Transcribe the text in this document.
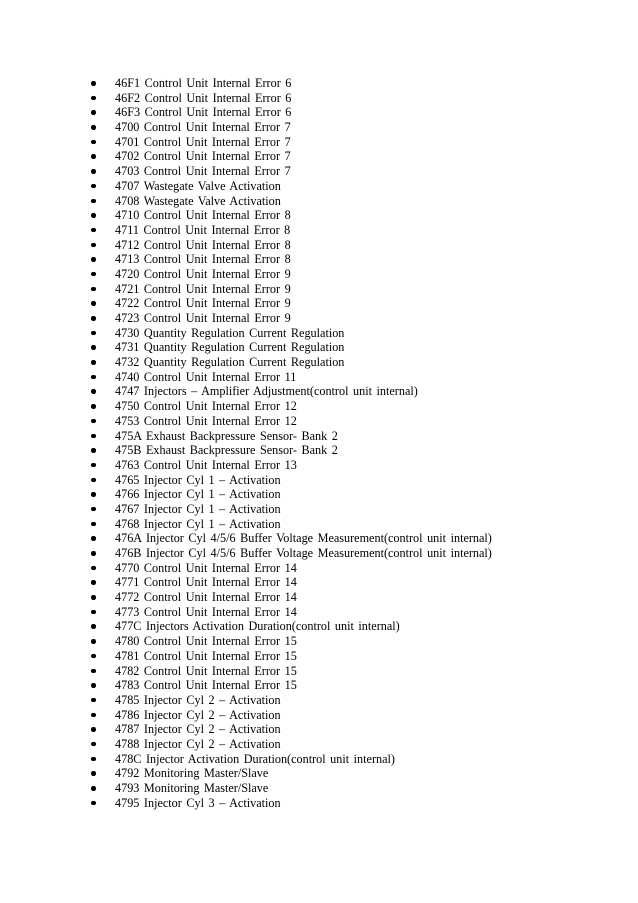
46F1 Control Unit Internal Error 6
46F2 Control Unit Internal Error 6
46F3 Control Unit Internal Error 6
4700 Control Unit Internal Error 7
4701 Control Unit Internal Error 7
4702 Control Unit Internal Error 7
4703 Control Unit Internal Error 7
4707 Wastegate Valve Activation
4708 Wastegate Valve Activation
4710 Control Unit Internal Error 8
4711 Control Unit Internal Error 8
4712 Control Unit Internal Error 8
4713 Control Unit Internal Error 8
4720 Control Unit Internal Error 9
4721 Control Unit Internal Error 9
4722 Control Unit Internal Error 9
4723 Control Unit Internal Error 9
4730 Quantity Regulation Current Regulation
4731 Quantity Regulation Current Regulation
4732 Quantity Regulation Current Regulation
4740 Control Unit Internal Error 11
4747 Injectors – Amplifier Adjustment(control unit internal)
4750 Control Unit Internal Error 12
4753 Control Unit Internal Error 12
475A Exhaust Backpressure Sensor- Bank 2
475B Exhaust Backpressure Sensor- Bank 2
4763 Control Unit Internal Error 13
4765 Injector Cyl 1 – Activation
4766 Injector Cyl 1 – Activation
4767 Injector Cyl 1 – Activation
4768 Injector Cyl 1 – Activation
476A Injector Cyl 4/5/6 Buffer Voltage Measurement(control unit internal)
476B Injector Cyl 4/5/6 Buffer Voltage Measurement(control unit internal)
4770 Control Unit Internal Error 14
4771 Control Unit Internal Error 14
4772 Control Unit Internal Error 14
4773 Control Unit Internal Error 14
477C Injectors Activation Duration(control unit internal)
4780 Control Unit Internal Error 15
4781 Control Unit Internal Error 15
4782 Control Unit Internal Error 15
4783 Control Unit Internal Error 15
4785 Injector Cyl 2 – Activation
4786 Injector Cyl 2 – Activation
4787 Injector Cyl 2 – Activation
4788 Injector Cyl 2 – Activation
478C Injector Activation Duration(control unit internal)
4792 Monitoring Master/Slave
4793 Monitoring Master/Slave
4795 Injector Cyl 3 – Activation
